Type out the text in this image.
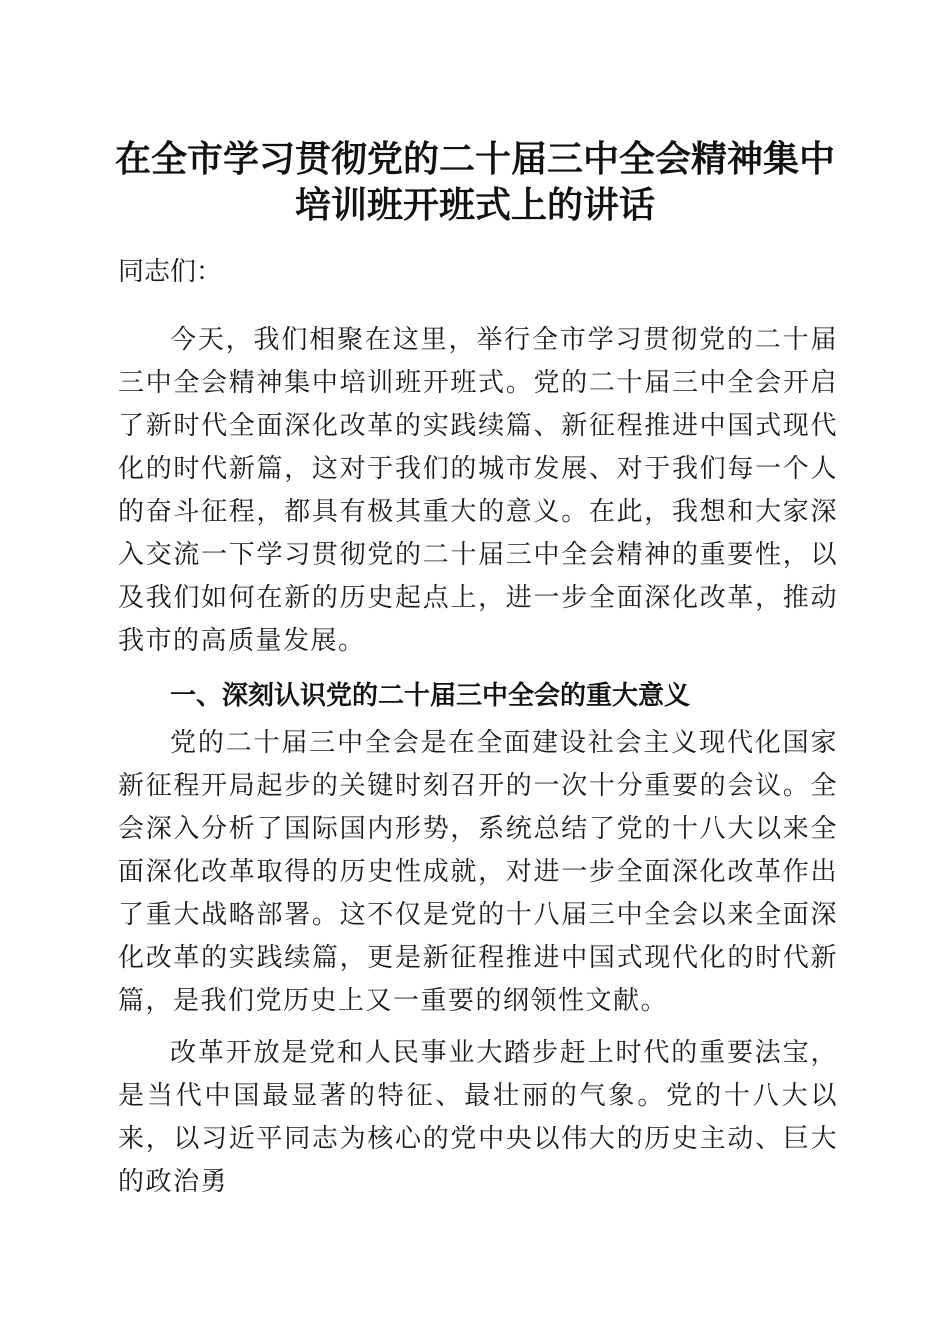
在全市学习贯彻党的二十届三中全会精神集中
培训班开班式上的讲话

同志们：

今天，我们相聚在这里，举行全市学习贯彻党的二十届三中全会精神集中培训班开班式。党的二十届三中全会开启了新时代全面深化改革的实践续篇、新征程推进中国式现代化的时代新篇，这对于我们的城市发展、对于我们每一个人的奋斗征程，都具有极其重大的意义。在此，我想和大家深入交流一下学习贯彻党的二十届三中全会精神的重要性，以及我们如何在新的历史起点上，进一步全面深化改革，推动我市的高质量发展。

一、深刻认识党的二十届三中全会的重大意义

党的二十届三中全会是在全面建设社会主义现代化国家新征程开局起步的关键时刻召开的一次十分重要的会议。全会深入分析了国际国内形势，系统总结了党的十八大以来全面深化改革取得的历史性成就，对进一步全面深化改革作出了重大战略部署。这不仅是党的十八届三中全会以来全面深化改革的实践续篇，更是新征程推进中国式现代化的时代新篇，是我们党历史上又一重要的纲领性文献。

改革开放是党和人民事业大踏步赶上时代的重要法宝，是当代中国最显著的特征、最壮丽的气象。党的十八大以来，以习近平同志为核心的党中央以伟大的历史主动、巨大的政治勇
